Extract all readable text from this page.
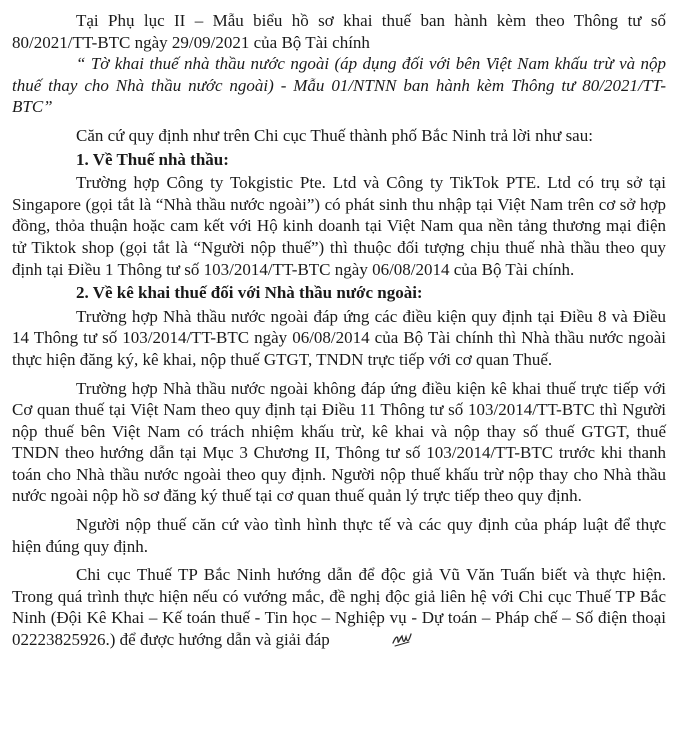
Tại Phụ lục II – Mẫu biểu hồ sơ khai thuế ban hành kèm theo Thông tư số 80/2021/TT-BTC ngày 29/09/2021 của Bộ Tài chính

“ Tờ khai thuế nhà thầu nước ngoài (áp dụng đối với bên Việt Nam khấu trừ và nộp thuế thay cho Nhà thầu nước ngoài) - Mẫu 01/NTNN ban hành kèm Thông tư 80/2021/TT-BTC”

Căn cứ quy định như trên Chi cục Thuế thành phố Bắc Ninh trả lời như sau:

1. Về Thuế nhà thầu:

Trường hợp Công ty Tokgistic Pte. Ltd và Công ty TikTok PTE. Ltd có trụ sở tại Singapore (gọi tắt là “Nhà thầu nước ngoài”) có phát sinh thu nhập tại Việt Nam trên cơ sở hợp đồng, thỏa thuận hoặc cam kết với Hộ kinh doanh tại Việt Nam qua nền tảng thương mại điện tử Tiktok shop (gọi tắt là “Người nộp thuế”) thì thuộc đối tượng chịu thuế nhà thầu theo quy định tại Điều 1 Thông tư số 103/2014/TT-BTC ngày 06/08/2014 của Bộ Tài chính.

2. Về kê khai thuế đối với Nhà thầu nước ngoài:

Trường hợp Nhà thầu nước ngoài đáp ứng các điều kiện quy định tại Điều 8 và Điều 14 Thông tư số 103/2014/TT-BTC ngày 06/08/2014 của Bộ Tài chính thì Nhà thầu nước ngoài thực hiện đăng ký, kê khai, nộp thuế GTGT, TNDN trực tiếp với cơ quan Thuế.

Trường hợp Nhà thầu nước ngoài không đáp ứng điều kiện kê khai thuế trực tiếp với Cơ quan thuế tại Việt Nam theo quy định tại Điều 11 Thông tư số 103/2014/TT-BTC thì Người nộp thuế bên Việt Nam có trách nhiệm khấu trừ, kê khai và nộp thay số thuế GTGT, thuế TNDN theo hướng dẫn tại Mục 3 Chương II, Thông tư số 103/2014/TT-BTC trước khi thanh toán cho Nhà thầu nước ngoài theo quy định. Người nộp thuế khấu trừ nộp thay cho Nhà thầu nước ngoài nộp hồ sơ đăng ký thuế tại cơ quan thuế quản lý trực tiếp theo quy định.

Người nộp thuế căn cứ vào tình hình thực tế và các quy định của pháp luật để thực hiện đúng quy định.

Chi cục Thuế TP Bắc Ninh hướng dẫn để độc giả Vũ Văn Tuấn biết và thực hiện. Trong quá trình thực hiện nếu có vướng mắc, đề nghị độc giả liên hệ với Chi cục Thuế TP Bắc Ninh (Đội Kê Khai – Kế toán thuế - Tin học – Nghiệp vụ - Dự toán – Pháp chế – Số điện thoại 02223825926.) để được hướng dẫn và giải đáp
